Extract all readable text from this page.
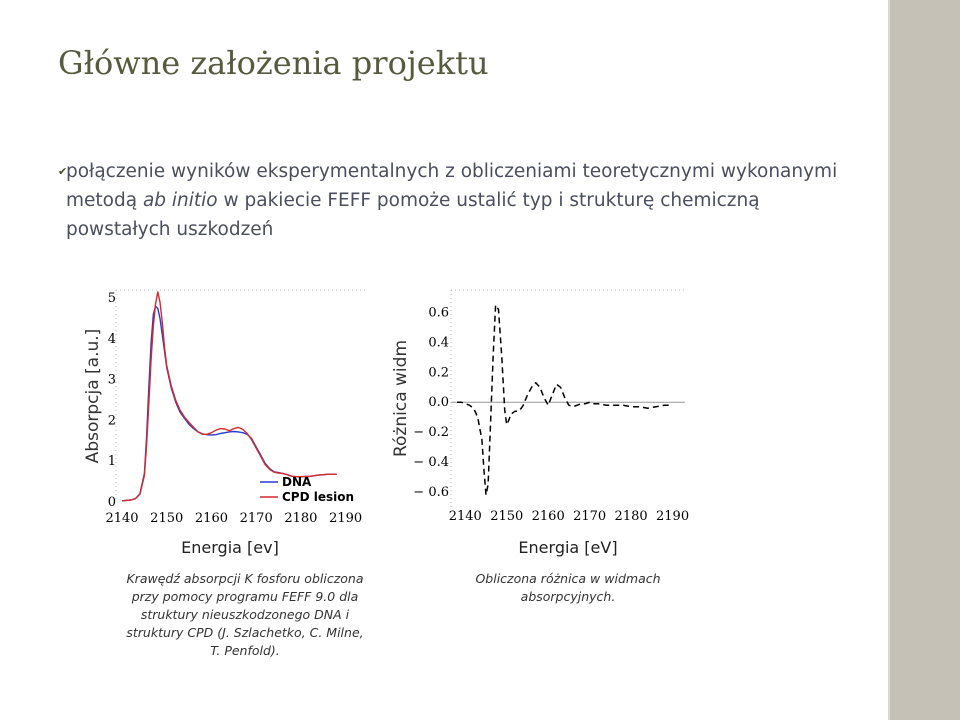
Główne założenia projektu
✔
połączenie wyników eksperymentalnych z obliczeniami teoretycznymi wykonanymi metodą ab initio w pakiecie FEFF pomoże ustalić typ i strukturę chemiczną powstałych uszkodzeń
0
1
2
3
4
5
2140 2150 2160 2170 2180 2190
Absorpcja [a.u.]
DNA
CPD lesion
Energia [ev]
Krawędź absorpcji K fosforu obliczona przy pomocy programu FEFF 9.0 dla struktury nieuszkodzonego DNA i struktury CPD (J. Szlachetko, C. Milne, T. Penfold).
0.6
0.4
0.2
0.0
− 0.2
− 0.4
− 0.6
2140 2150 2160 2170 2180 2190
Różnica widm
Energia [eV]
Obliczona różnica w widmach absorpcyjnych.
